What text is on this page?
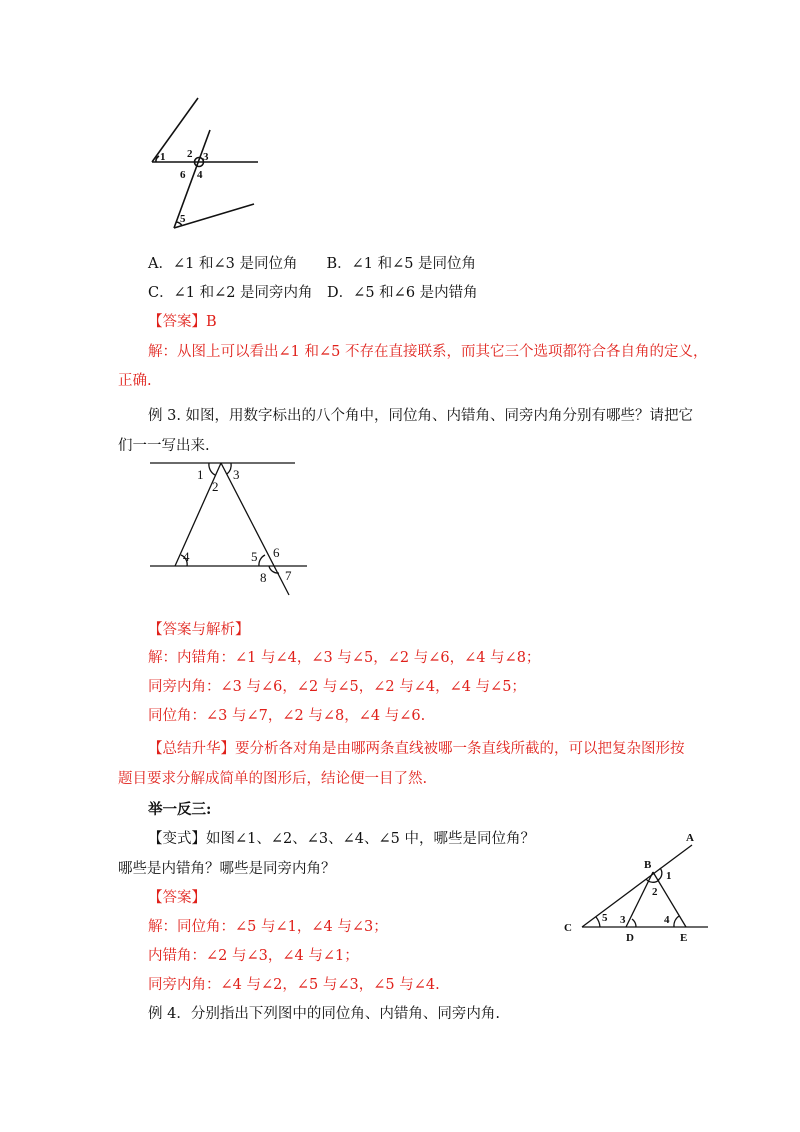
1 2 3
6 4
5
A．∠1 和∠3 是同位角　　B．∠1 和∠5 是同位角
C．∠1 和∠2 是同旁内角　D．∠5 和∠6 是内错角
【答案】B
解：从图上可以看出∠1 和∠5 不存在直接联系，而其它三个选项都符合各自角的定义，
正确.
例 3. 如图，用数字标出的八个角中，同位角、内错角、同旁内角分别有哪些？请把它
们一一写出来.
1 3
2
4	5 6
8 7
【答案与解析】
解：内错角：∠1 与∠4，∠3 与∠5，∠2 与∠6，∠4 与∠8；
同旁内角：∠3 与∠6，∠2 与∠5，∠2 与∠4，∠4 与∠5；
同位角：∠3 与∠7，∠2 与∠8，∠4 与∠6.
【总结升华】要分析各对角是由哪两条直线被哪一条直线所截的，可以把复杂图形按
题目要求分解成简单的图形后，结论便一目了然.
举一反三:
【变式】如图∠1、∠2、∠3、∠4、∠5 中，哪些是同位角？
哪些是内错角？哪些是同旁内角？
【答案】
解：同位角：∠5 与∠1，∠4 与∠3；
内错角：∠2 与∠3，∠4 与∠1；
同旁内角：∠4 与∠2，∠5 与∠3，∠5 与∠4.
A
B
1
2
C
5 3	4
D	E
例 4．分别指出下列图中的同位角、内错角、同旁内角.
